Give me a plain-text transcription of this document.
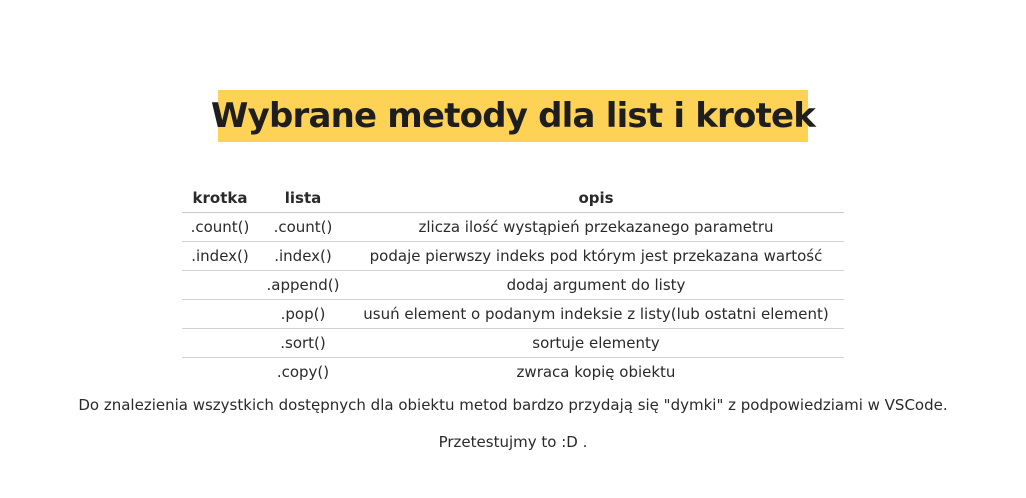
Wybrane metody dla list i krotek
krotka	lista	opis
.count()	.count()	zlicza ilość wystąpień przekazanego parametru
.index()	.index()	podaje pierwszy indeks pod którym jest przekazana wartość
	.append()	dodaj argument do listy
	.pop()	usuń element o podanym indeksie z listy(lub ostatni element)
	.sort()	sortuje elementy
	.copy()	zwraca kopię obiektu
Do znalezienia wszystkich dostępnych dla obiektu metod bardzo przydają się "dymki" z podpowiedziami w VSCode.
Przetestujmy to :D .
